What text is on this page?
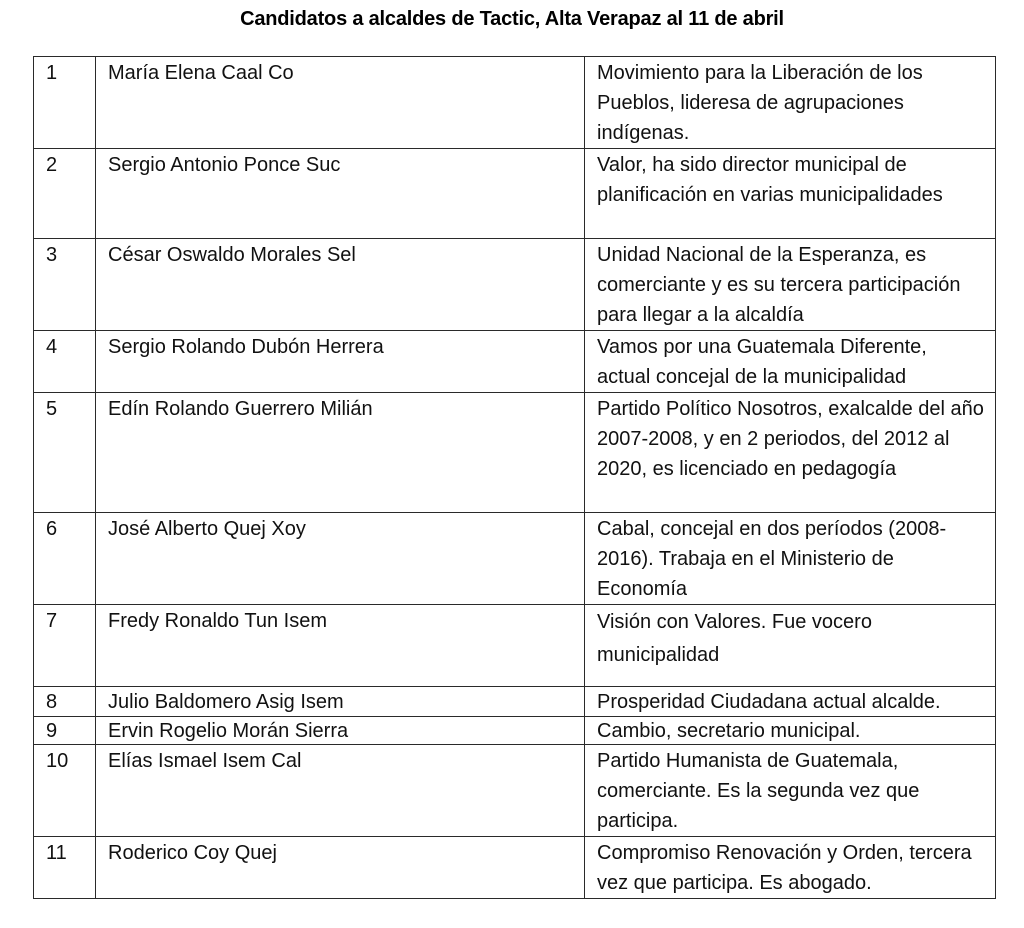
Candidatos a alcaldes de Tactic, Alta Verapaz al 11 de abril
1	María Elena Caal Co	Movimiento para la Liberación de los Pueblos, lideresa de agrupaciones indígenas.
2	Sergio Antonio Ponce Suc	Valor, ha sido director municipal de planificación en varias municipalidades
3	César Oswaldo Morales Sel	Unidad Nacional de la Esperanza, es comerciante y es su tercera participación para llegar a la alcaldía
4	Sergio Rolando Dubón Herrera	Vamos por una Guatemala Diferente, actual concejal de la municipalidad
5	Edín Rolando Guerrero Milián	Partido Político Nosotros, exalcalde del año 2007-2008, y en 2 periodos, del 2012 al 2020, es licenciado en pedagogía
6	José Alberto Quej Xoy	Cabal, concejal en dos períodos (2008-2016). Trabaja en el Ministerio de Economía
7	Fredy Ronaldo Tun Isem	Visión con Valores. Fue vocero municipalidad
8	Julio Baldomero Asig Isem	Prosperidad Ciudadana actual alcalde.
9	Ervin Rogelio Morán Sierra	Cambio, secretario municipal.
10	Elías Ismael Isem Cal	Partido Humanista de Guatemala, comerciante. Es la segunda vez que participa.
11	Roderico Coy Quej	Compromiso Renovación y Orden, tercera vez que participa. Es abogado.
